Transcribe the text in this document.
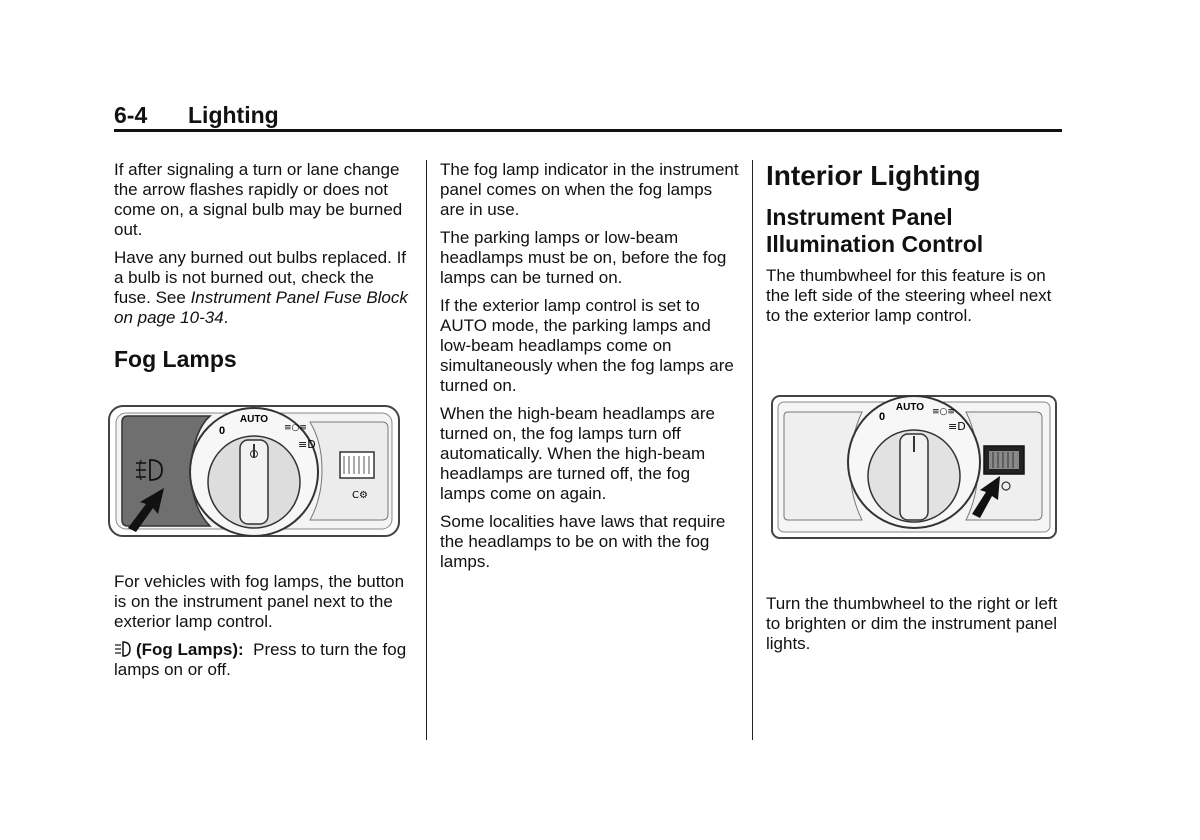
6-4 Lighting

If after signaling a turn or lane change the arrow flashes rapidly or does not come on, a signal bulb may be burned out.

Have any burned out bulbs replaced. If a bulb is not burned out, check the fuse. See Instrument Panel Fuse Block on page 10-34.

Fog Lamps
AUTO
0	≡○≡
≡D
C⚙

For vehicles with fog lamps, the button is on the instrument panel next to the exterior lamp control.

(Fog Lamps):  Press to turn the fog lamps on or off.

The fog lamp indicator in the instrument panel comes on when the fog lamps are in use.

The parking lamps or low-beam headlamps must be on, before the fog lamps can be turned on.

If the exterior lamp control is set to AUTO mode, the parking lamps and low-beam headlamps come on simultaneously when the fog lamps are turned on.

When the high-beam headlamps are turned on, the fog lamps turn off automatically. When the high-beam headlamps are turned off, the fog lamps come on again.

Some localities have laws that require the headlamps to be on with the fog lamps.

Interior Lighting
Instrument Panel Illumination Control

The thumbwheel for this feature is on the left side of the steering wheel next to the exterior lamp control.

AUTO
0	≡○≡
≡D

Turn the thumbwheel to the right or left to brighten or dim the instrument panel lights.
